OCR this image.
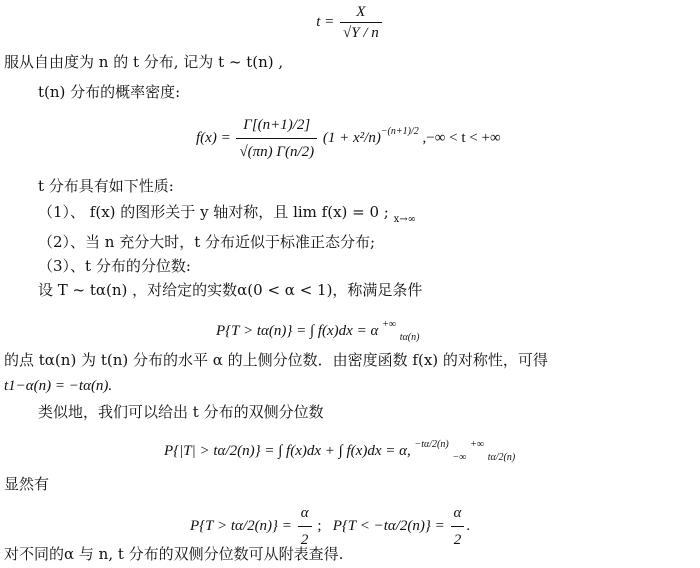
$t = \frac{X}{√Y / n}$
服从自由度为 n 的 t 分布, 记为 t ~ t(n) ,
t(n) 分布的概率密度:
$f(x) = \frac{\Gamma[(n+1)/2]}{√(\pi n) \Gamma(n/2)} (1 + x^2/n)^{-(n+1)/2}$ ,−∞ < t < +∞
t 分布具有如下性质:
（1）、 f(x) 的图形关于 y 轴对称，且 lim f(x) = 0 ; $_{x\to\infty}$
（2）、当 n 充分大时，t 分布近似于标准正态分布;
（3）、t 分布的分位数:
设 T ~ tα(n) ，对给定的实数α(0 < α < 1)，称满足条件
P{T > tα(n)} = ∫ f(x)dx = α +∞ $_{t\alpha(n)}$
的点 tα(n) 为 t(n) 分布的水平 α 的上侧分位数．由密度函数 f(x) 的对称性，可得
t1−α(n) = −tα(n).
类似地，我们可以给出 t 分布的双侧分位数
P{|T| > tα/2(n)} = ∫ f(x)dx + ∫ f(x)dx = α, $^{-t\alpha/2(n)}$ $_{-\infty}$ +∞ $_{t\alpha/2(n)}$
显然有
$P\{T > t\alpha/2(n)\} = \frac{\alpha}{2}$ ;   $P\{T < -t\alpha/2(n)\} = \frac{\alpha}{2}$ .
对不同的α 与 n, t 分布的双侧分位数可从附表查得.
